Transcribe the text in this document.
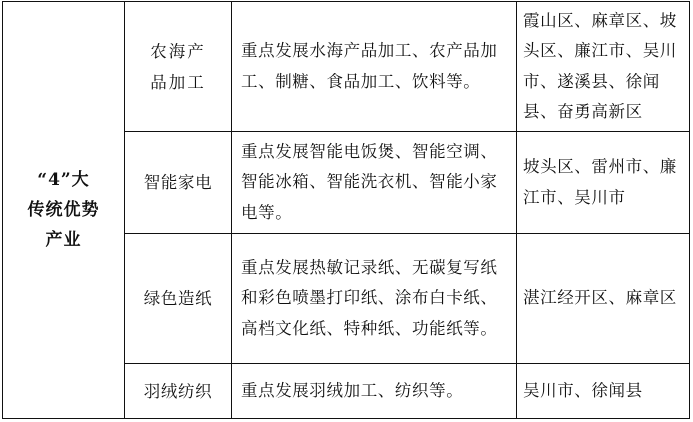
“4”大
传统优势
产业	农海产品加工	重点发展水海产品加工、农产品加工、制糖、食品加工、饮料等。	霞山区、麻章区、坡头区、廉江市、吴川市、遂溪县、徐闻县、奋勇高新区

	智能家电	重点发展智能电饭煲、智能空调、智能冰箱、智能洗衣机、智能小家电等。	坡头区、雷州市、廉江市、吴川市

	绿色造纸	重点发展热敏记录纸、无碳复写纸和彩色喷墨打印纸、涂布白卡纸、高档文化纸、特种纸、功能纸等。	湛江经开区、麻章区

	羽绒纺织	重点发展羽绒加工、纺织等。	吴川市、徐闻县
